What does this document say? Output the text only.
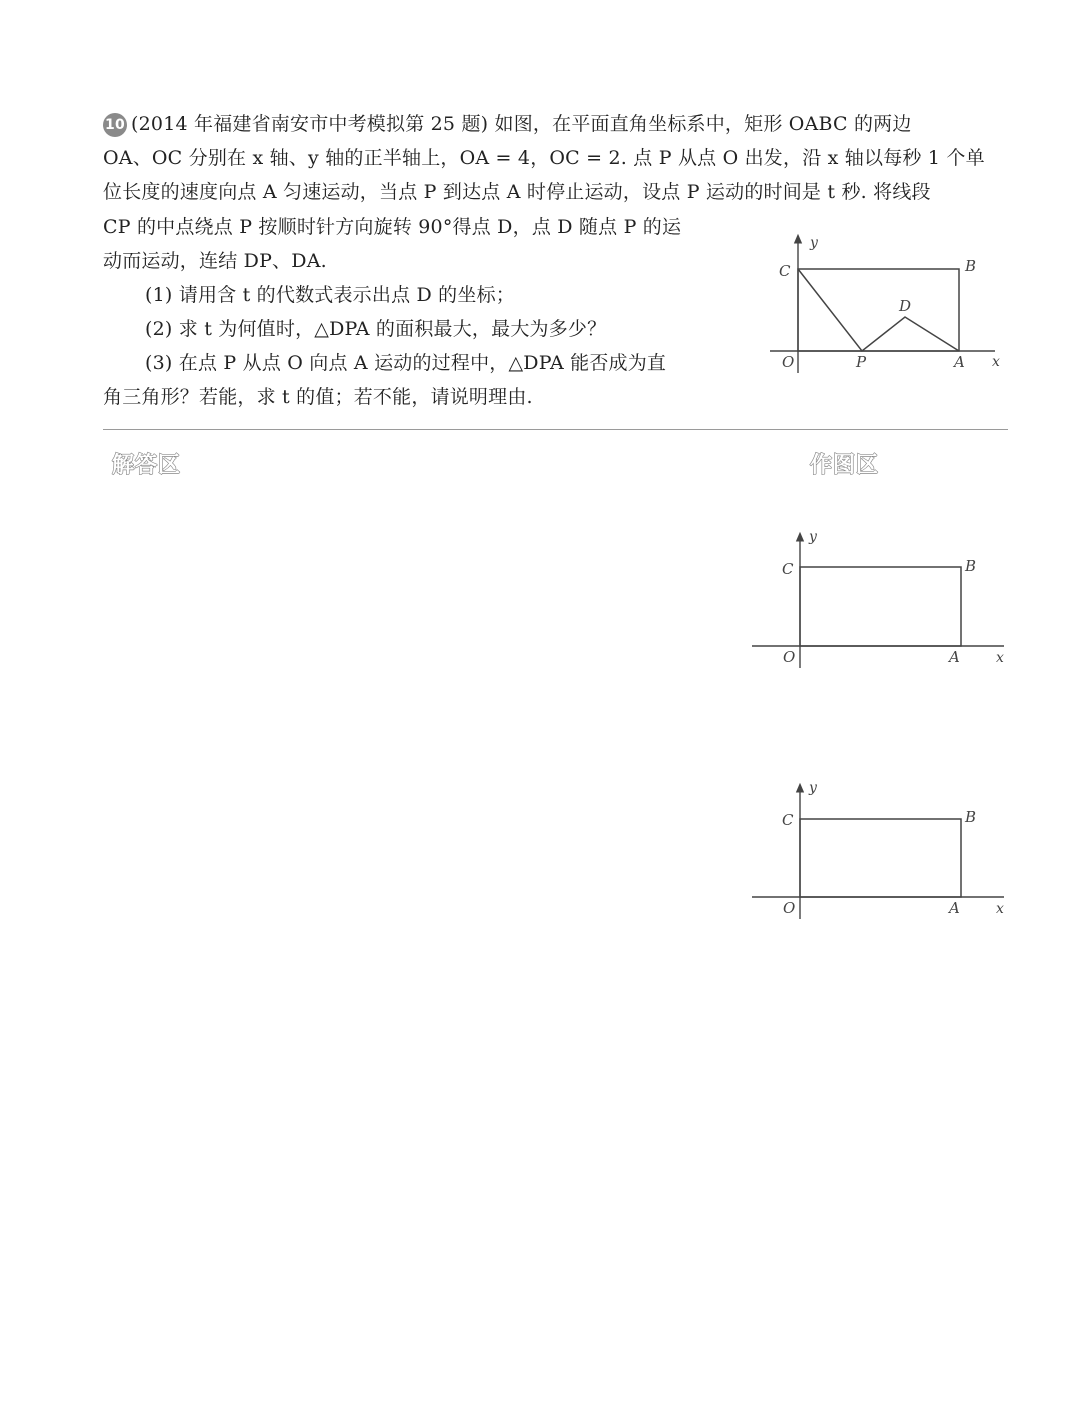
10 (2014 年福建省南安市中考模拟第 25 题) 如图，在平面直角坐标系中，矩形 OABC 的两边
OA、OC 分别在 x 轴、y 轴的正半轴上，OA = 4，OC = 2. 点 P 从点 O 出发，沿 x 轴以每秒 1 个单
位长度的速度向点 A 匀速运动，当点 P 到达点 A 时停止运动，设点 P 运动的时间是 t 秒. 将线段
CP 的中点绕点 P 按顺时针方向旋转 90°得点 D，点 D 随点 P 的运
动而运动，连结 DP、DA.
(1) 请用含 t 的代数式表示出点 D 的坐标；
(2) 求 t 为何值时，△DPA 的面积最大，最大为多少？
(3) 在点 P 从点 O 向点 A 运动的过程中，△DPA 能否成为直
角三角形？若能，求 t 的值；若不能，请说明理由.
y
C	B
D
O	P	A x
解答区	作图区
y
C	B
O	A	x
y
C	B
O	A	x
